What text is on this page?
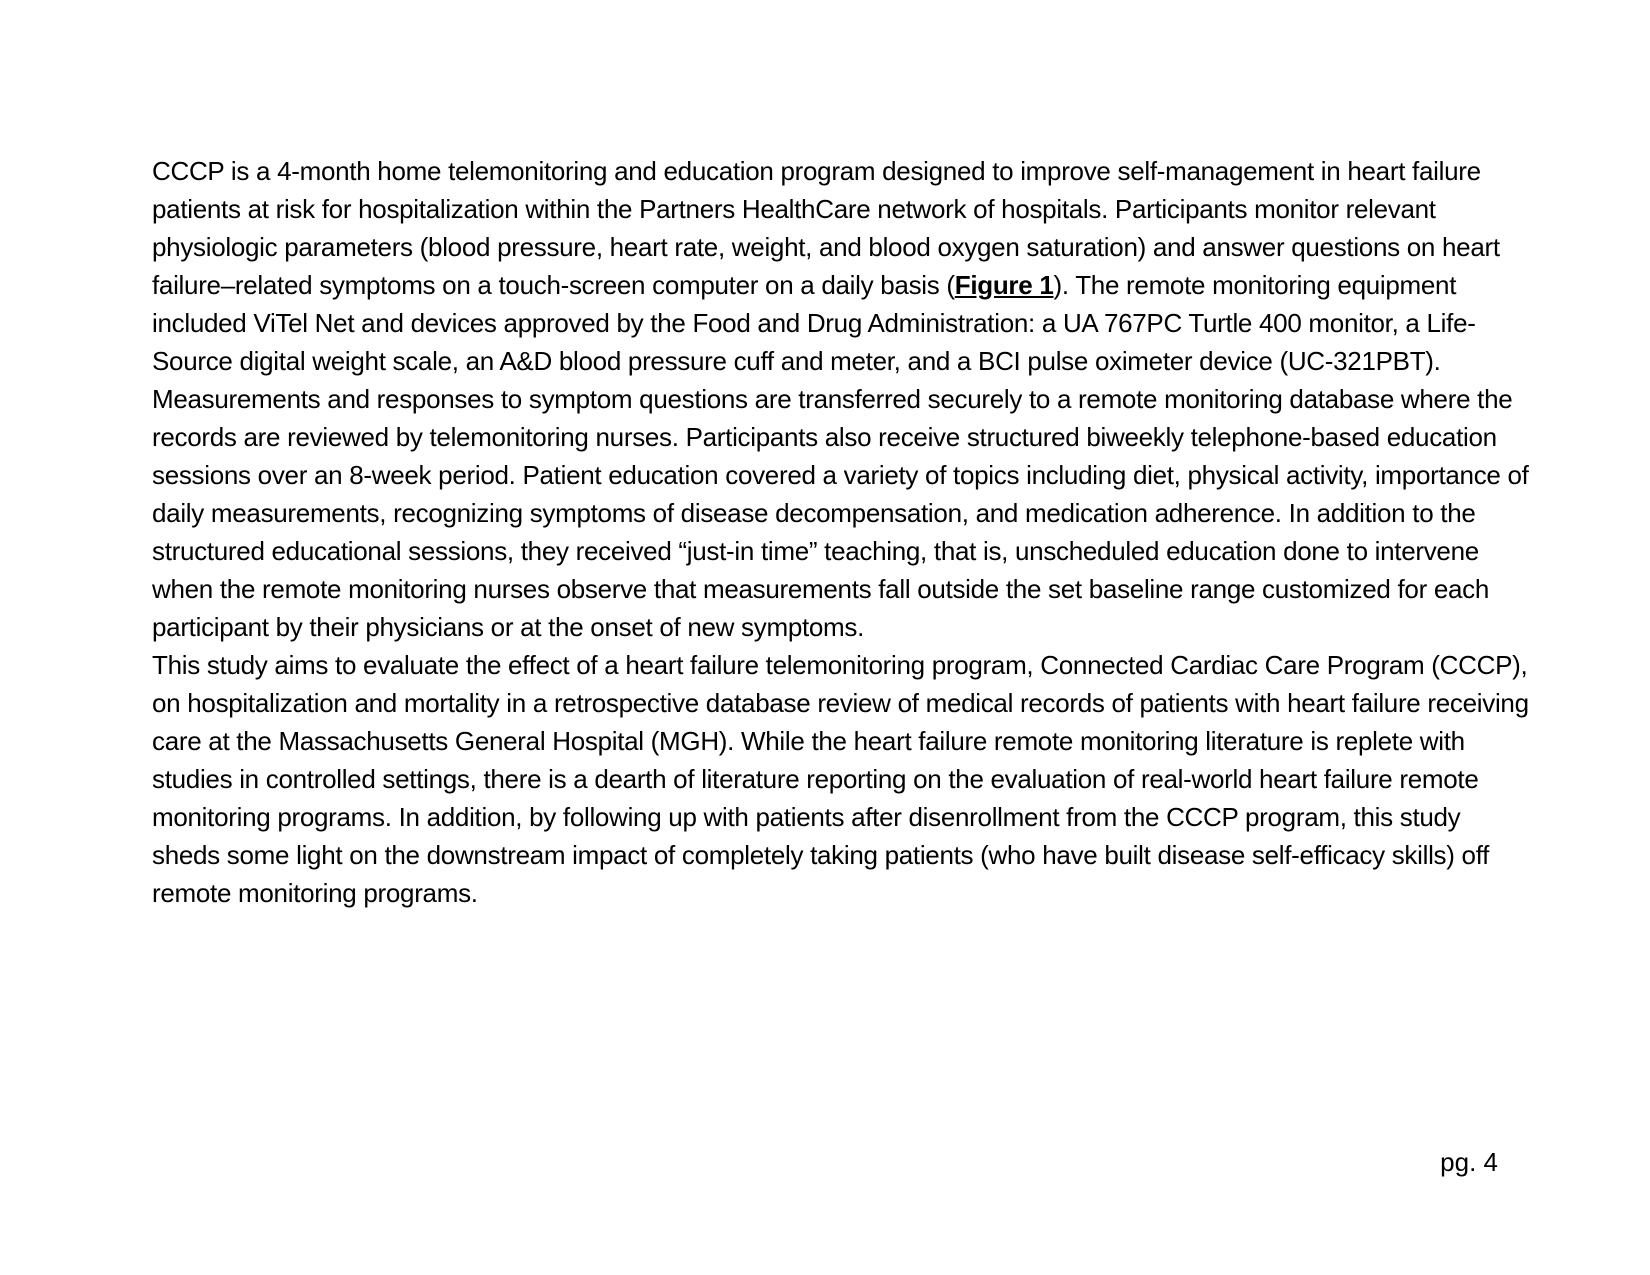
CCCP is a 4-month home telemonitoring and education program designed to improve self-management in heart failure patients at risk for hospitalization within the Partners HealthCare network of hospitals. Participants monitor relevant physiologic parameters (blood pressure, heart rate, weight, and blood oxygen saturation) and answer questions on heart failure–related symptoms on a touch-screen computer on a daily basis (Figure 1). The remote monitoring equipment included ViTel Net and devices approved by the Food and Drug Administration: a UA 767PC Turtle 400 monitor, a Life-Source digital weight scale, an A&D blood pressure cuff and meter, and a BCI pulse oximeter device (UC-321PBT). Measurements and responses to symptom questions are transferred securely to a remote monitoring database where the records are reviewed by telemonitoring nurses. Participants also receive structured biweekly telephone-based education sessions over an 8-week period. Patient education covered a variety of topics including diet, physical activity, importance of daily measurements, recognizing symptoms of disease decompensation, and medication adherence. In addition to the structured educational sessions, they received “just-in time” teaching, that is, unscheduled education done to intervene when the remote monitoring nurses observe that measurements fall outside the set baseline range customized for each participant by their physicians or at the onset of new symptoms.

This study aims to evaluate the effect of a heart failure telemonitoring program, Connected Cardiac Care Program (CCCP), on hospitalization and mortality in a retrospective database review of medical records of patients with heart failure receiving care at the Massachusetts General Hospital (MGH). While the heart failure remote monitoring literature is replete with studies in controlled settings, there is a dearth of literature reporting on the evaluation of real-world heart failure remote monitoring programs. In addition, by following up with patients after disenrollment from the CCCP program, this study sheds some light on the downstream impact of completely taking patients (who have built disease self-efficacy skills) off remote monitoring programs.

pg. 4
